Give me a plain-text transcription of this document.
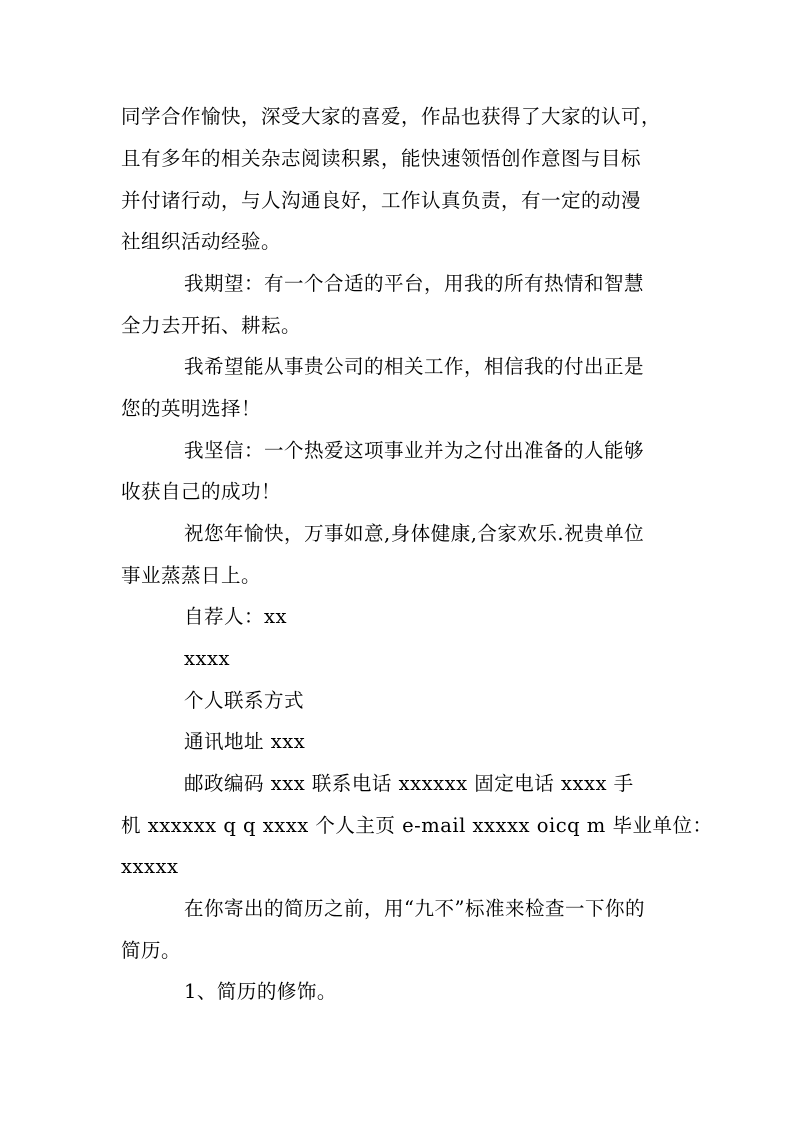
同学合作愉快，深受大家的喜爱，作品也获得了大家的认可，
且有多年的相关杂志阅读积累，能快速领悟创作意图与目标
并付诸行动，与人沟通良好，工作认真负责，有一定的动漫
社组织活动经验。
我期望：有一个合适的平台，用我的所有热情和智慧
全力去开拓、耕耘。
我希望能从事贵公司的相关工作，相信我的付出正是
您的英明选择！
我坚信：一个热爱这项事业并为之付出准备的人能够
收获自己的成功！
祝您年愉快，万事如意,身体健康,合家欢乐.祝贵单位
事业蒸蒸日上。
自荐人：xx
xxxx
个人联系方式
通讯地址 xxx
邮政编码 xxx 联系电话 xxxxxx 固定电话 xxxx 手
机 xxxxxx q q xxxx 个人主页 e-mail xxxxx oicq m 毕业单位：
xxxxx
在你寄出的简历之前，用“九不”标准来检查一下你的
简历。
1、简历的修饰。
